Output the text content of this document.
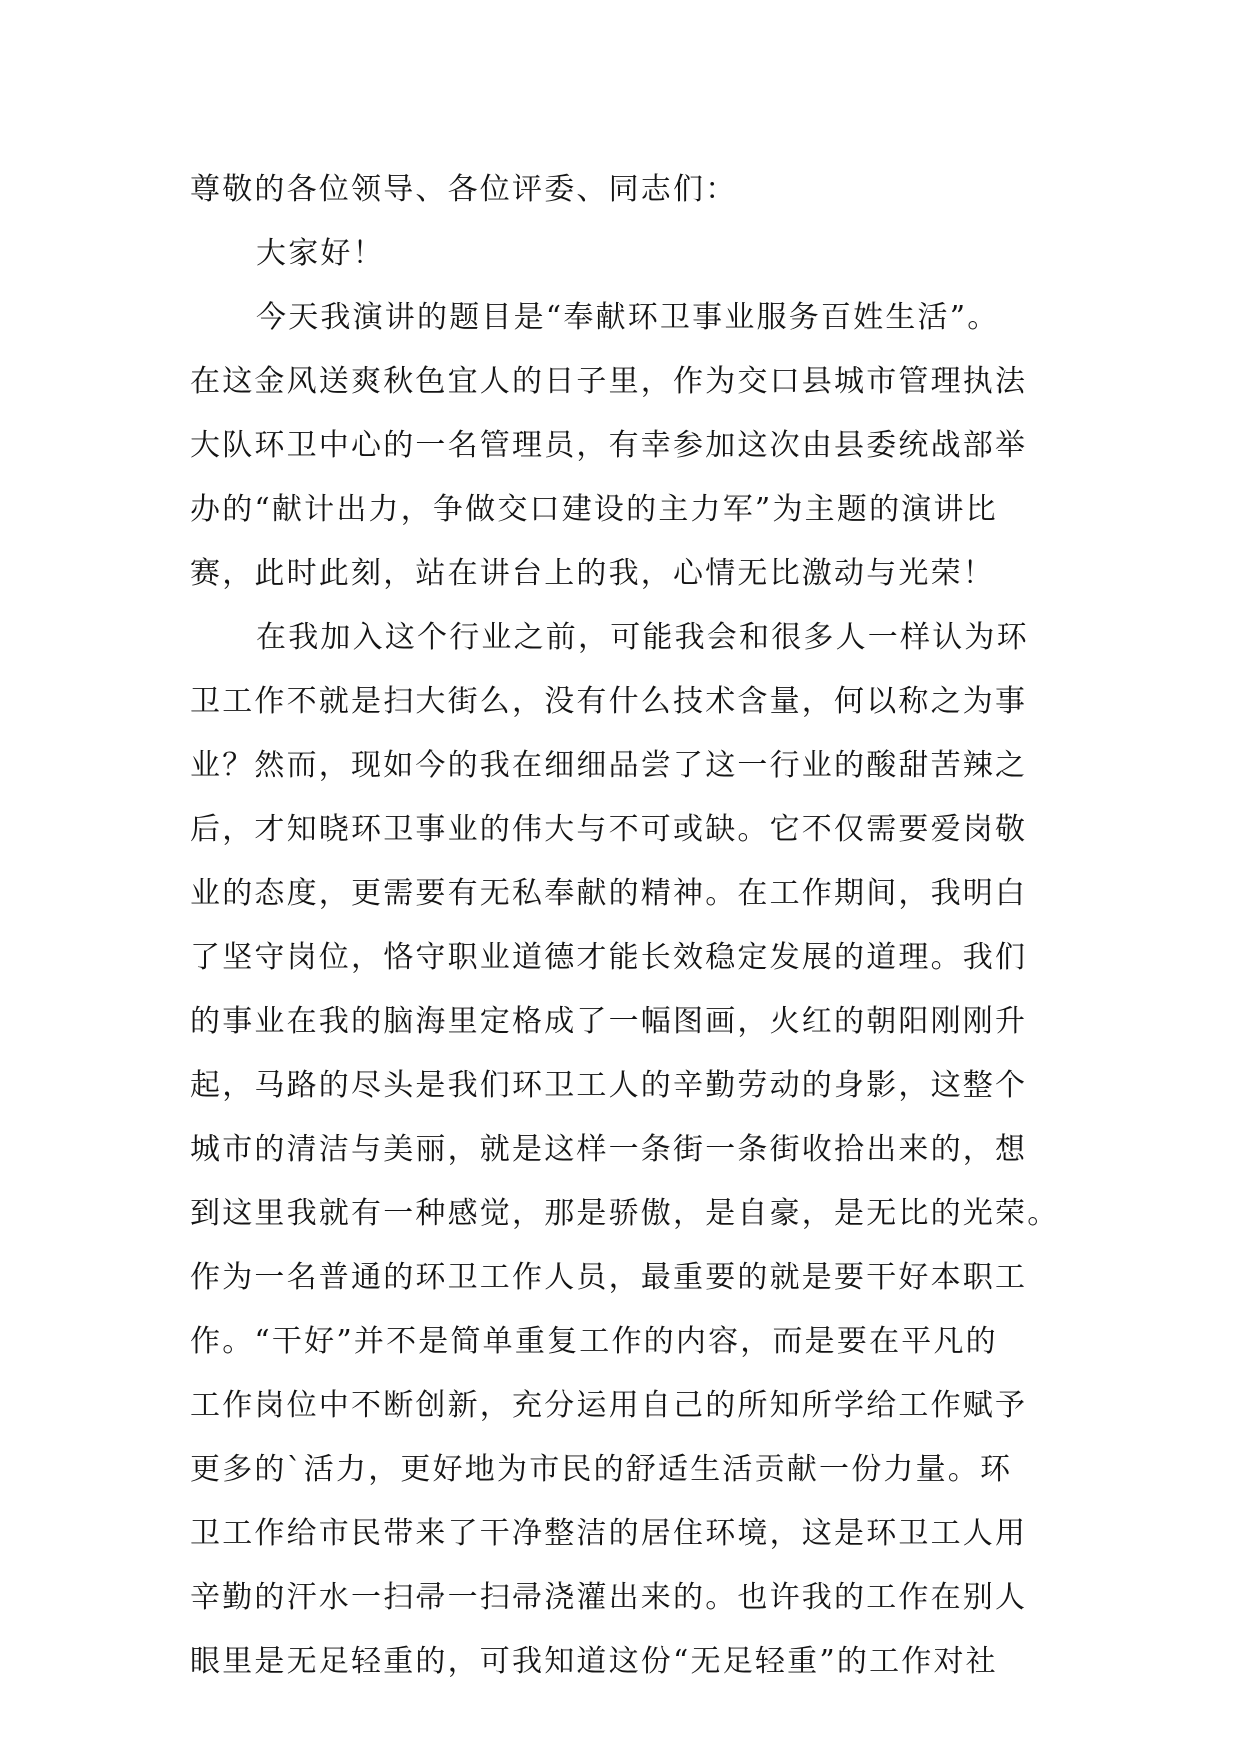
尊敬的各位领导、各位评委、同志们：
大家好！
今天我演讲的题目是“奉献环卫事业服务百姓生活”。
在这金风送爽秋色宜人的日子里，作为交口县城市管理执法
大队环卫中心的一名管理员，有幸参加这次由县委统战部举
办的“献计出力，争做交口建设的主力军”为主题的演讲比
赛，此时此刻，站在讲台上的我，心情无比激动与光荣！
在我加入这个行业之前，可能我会和很多人一样认为环
卫工作不就是扫大街么，没有什么技术含量，何以称之为事
业？然而，现如今的我在细细品尝了这一行业的酸甜苦辣之
后，才知晓环卫事业的伟大与不可或缺。它不仅需要爱岗敬
业的态度，更需要有无私奉献的精神。在工作期间，我明白
了坚守岗位，恪守职业道德才能长效稳定发展的道理。我们
的事业在我的脑海里定格成了一幅图画，火红的朝阳刚刚升
起，马路的尽头是我们环卫工人的辛勤劳动的身影，这整个
城市的清洁与美丽，就是这样一条街一条街收拾出来的，想
到这里我就有一种感觉，那是骄傲，是自豪，是无比的光荣。
作为一名普通的环卫工作人员，最重要的就是要干好本职工
作。“干好”并不是简单重复工作的内容，而是要在平凡的
工作岗位中不断创新，充分运用自己的所知所学给工作赋予
更多的`活力，更好地为市民的舒适生活贡献一份力量。环
卫工作给市民带来了干净整洁的居住环境，这是环卫工人用
辛勤的汗水一扫帚一扫帚浇灌出来的。也许我的工作在别人
眼里是无足轻重的，可我知道这份“无足轻重”的工作对社
